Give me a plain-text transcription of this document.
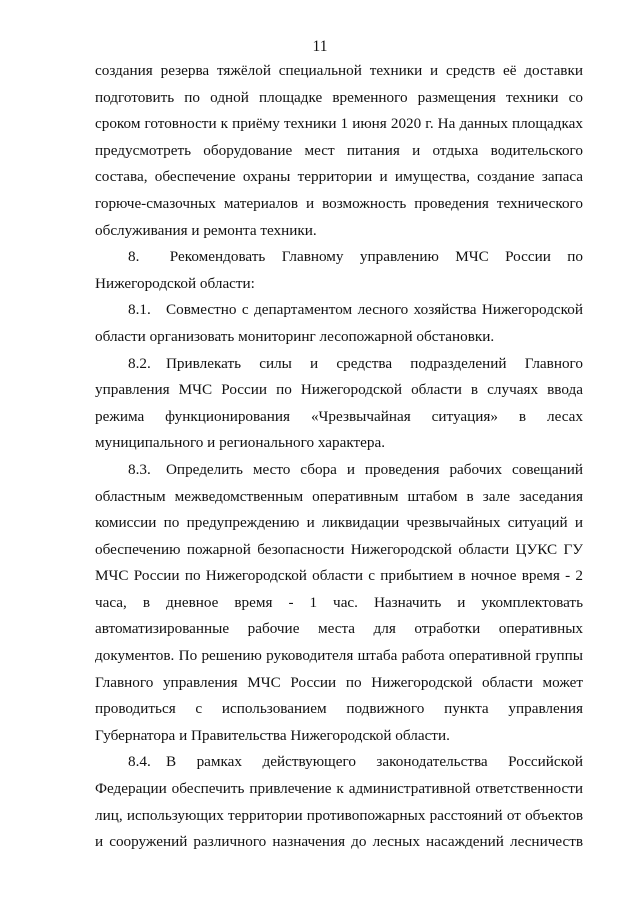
11

создания резерва тяжёлой специальной техники и средств её доставки
подготовить по одной площадке временного размещения техники со
сроком готовности к приёму техники 1 июня 2020 г. На данных площадках
предусмотреть оборудование мест питания и отдыха водительского
состава, обеспечение охраны территории и имущества, создание запаса
горюче-смазочных материалов и возможность проведения технического
обслуживания и ремонта техники.

8.  Рекомендовать Главному управлению МЧС России по
Нижегородской области:

8.1. Совместно с департаментом лесного хозяйства Нижегородской
области организовать мониторинг лесопожарной обстановки.

8.2. Привлекать силы и средства подразделений Главного
управления МЧС России по Нижегородской области в случаях ввода
режима функционирования «Чрезвычайная ситуация» в лесах
муниципального и регионального характера.

8.3. Определить место сбора и проведения рабочих совещаний
областным межведомственным оперативным штабом в зале заседания
комиссии по предупреждению и ликвидации чрезвычайных ситуаций и
обеспечению пожарной безопасности Нижегородской области ЦУКС ГУ
МЧС России по Нижегородской области с прибытием в ночное время - 2
часа, в дневное время - 1 час. Назначить и укомплектовать
автоматизированные рабочие места для отработки оперативных
документов. По решению руководителя штаба работа оперативной группы
Главного управления МЧС России по Нижегородской области может
проводиться с использованием подвижного пункта управления
Губернатора и Правительства Нижегородской области.

8.4. В рамках действующего законодательства Российской
Федерации обеспечить привлечение к административной ответственности
лиц, использующих территории противопожарных расстояний от объектов
и сооружений различного назначения до лесных насаждений лесничеств
